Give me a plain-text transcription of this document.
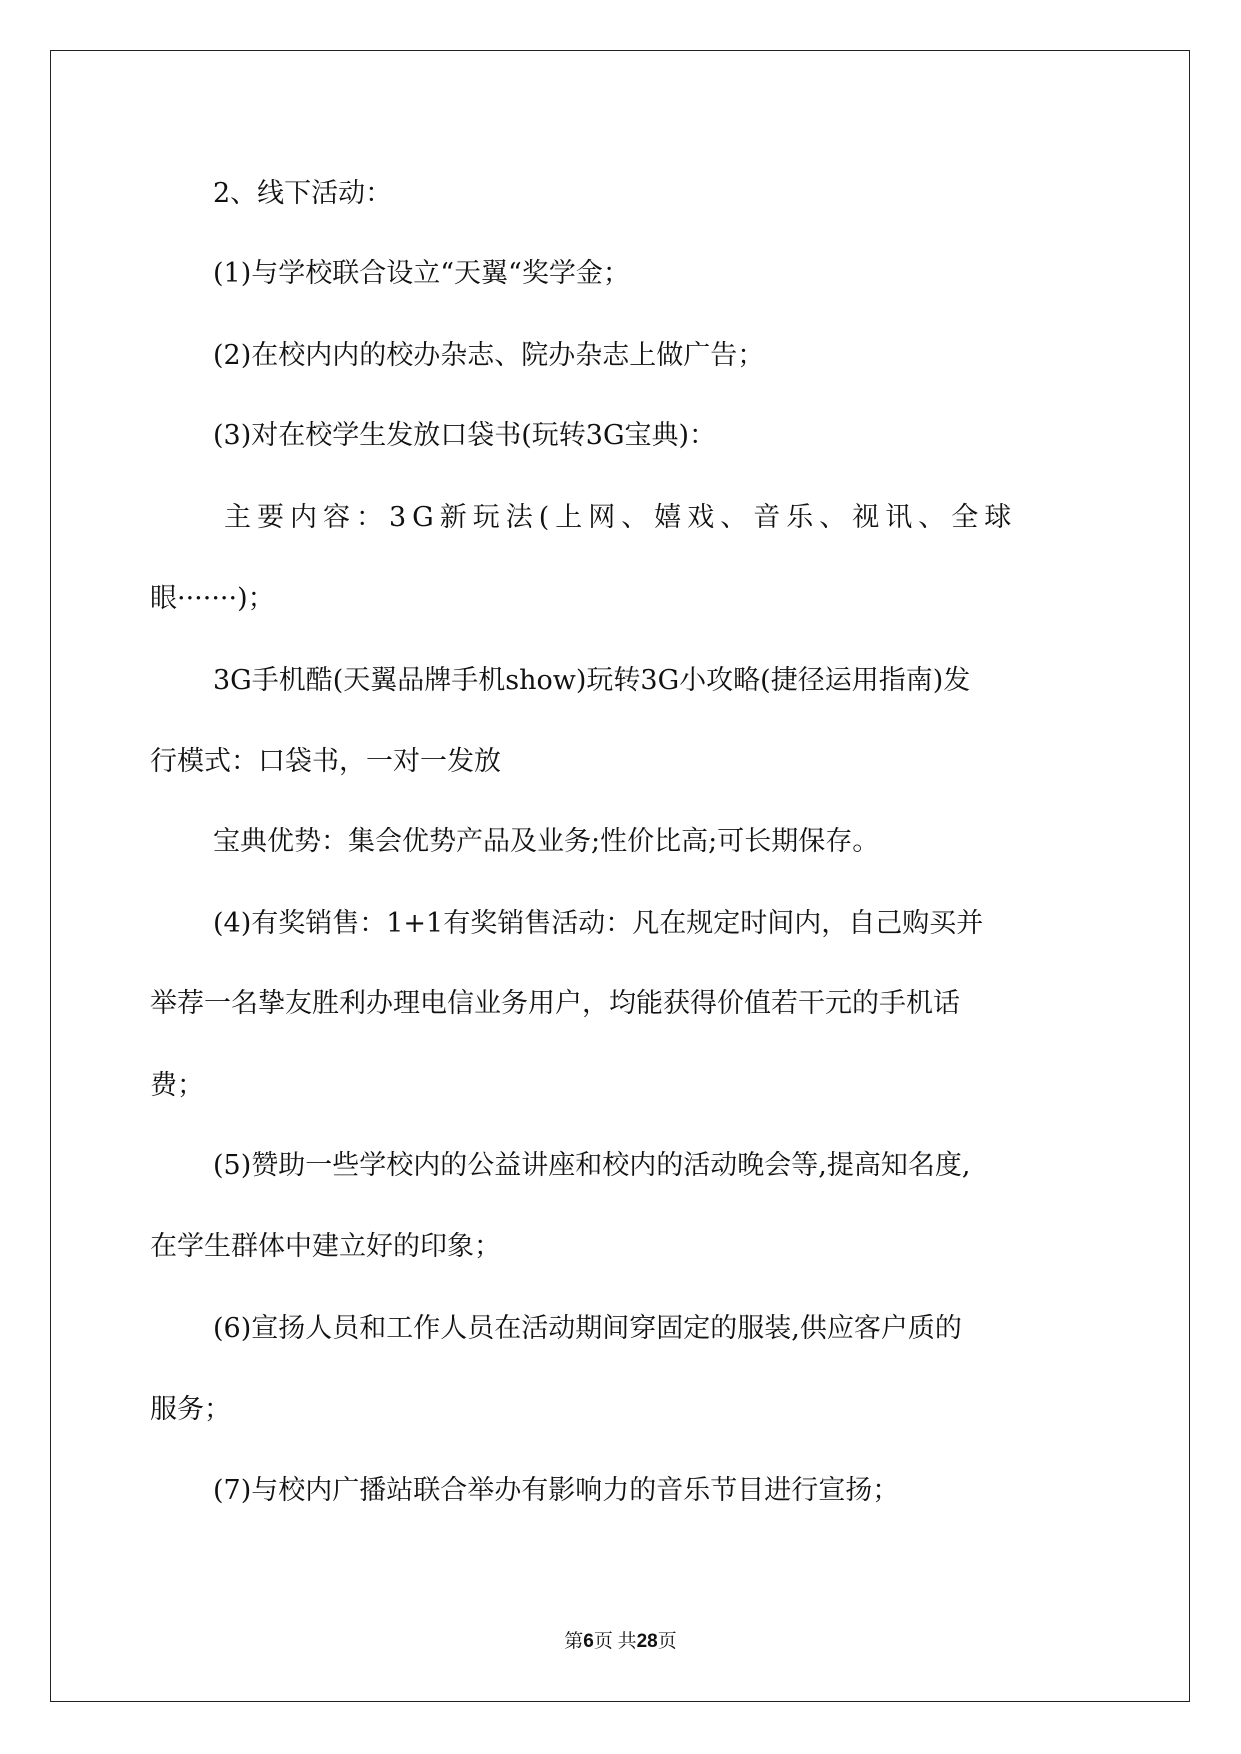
2、线下活动：
(1)与学校联合设立“天翼“奖学金；
(2)在校内内的校办杂志、院办杂志上做广告；
(3)对在校学生发放口袋书(玩转3G宝典)：
主要内容：3G新玩法(上网、嬉戏、音乐、视讯、全球
眼·······)；
3G手机酷(天翼品牌手机show)玩转3G小攻略(捷径运用指南)发
行模式：口袋书，一对一发放
宝典优势：集会优势产品及业务;性价比高;可长期保存。
(4)有奖销售：1+1有奖销售活动：凡在规定时间内，自己购买并
举荐一名挚友胜利办理电信业务用户，均能获得价值若干元的手机话
费；
(5)赞助一些学校内的公益讲座和校内的活动晚会等,提高知名度,
在学生群体中建立好的印象；
(6)宣扬人员和工作人员在活动期间穿固定的服装,供应客户质的
服务；
(7)与校内广播站联合举办有影响力的音乐节目进行宣扬；
第6页 共28页
